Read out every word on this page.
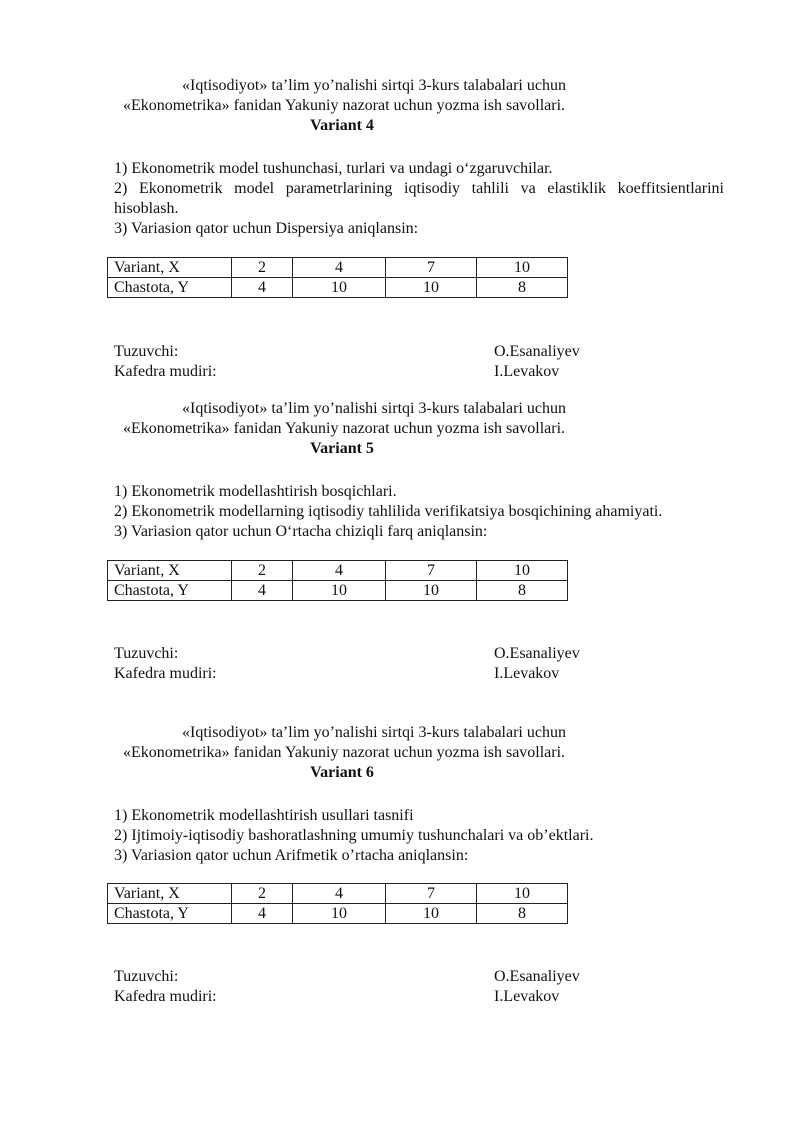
«Iqtisodiyot» ta’lim yo’nalishi sirtqi 3-kurs talabalari uchun
«Ekonometrika» fanidan Yakuniy nazorat uchun yozma ish savollari.
Variant 4

1) Ekonometrik model tushunchasi, turlari va undagi o‘zgaruvchilar.

2) Ekonometrik model parametrlarining iqtisodiy tahlili va elastiklik koeffitsientlarini hisoblash.

3) Variasion qator uchun Dispersiya aniqlansin:

Variant, X	2	4	7	10
Chastota, Y	4	10	10	8
Tuzuvchi:	O.Esanaliyev
Kafedra mudiri:	I.Levakov
«Iqtisodiyot» ta’lim yo’nalishi sirtqi 3-kurs talabalari uchun
«Ekonometrika» fanidan Yakuniy nazorat uchun yozma ish savollari.
Variant 5

1) Ekonometrik modellashtirish bosqichlari.

2) Ekonometrik modellarning iqtisodiy tahlilida verifikatsiya bosqichining ahamiyati.

3) Variasion qator uchun O‘rtacha chiziqli farq aniqlansin:

Variant, X	2	4	7	10
Chastota, Y	4	10	10	8
Tuzuvchi:	O.Esanaliyev
Kafedra mudiri:	I.Levakov
«Iqtisodiyot» ta’lim yo’nalishi sirtqi 3-kurs talabalari uchun
«Ekonometrika» fanidan Yakuniy nazorat uchun yozma ish savollari.
Variant 6

1) Ekonometrik modellashtirish usullari tasnifi

2) Ijtimoiy-iqtisodiy bashoratlashning umumiy tushunchalari va ob’ektlari.

3) Variasion qator uchun Arifmetik o’rtacha aniqlansin:

Variant, X	2	4	7	10
Chastota, Y	4	10	10	8
Tuzuvchi:	O.Esanaliyev
Kafedra mudiri:	I.Levakov
